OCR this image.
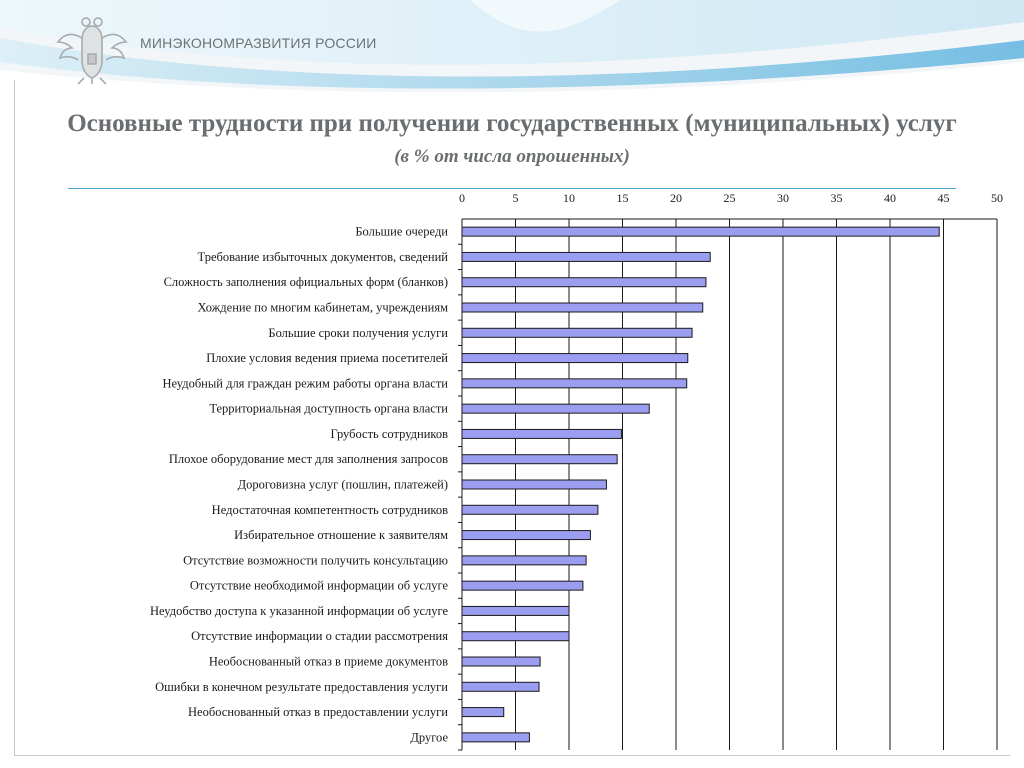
МИНЭКОНОМРАЗВИТИЯ РОССИИ
Основные трудности при получении государственных (муниципальных) услуг (в % от числа опрошенных)
0	5	10	15	20	25	30	35	40	45	50
Большие очереди
Требование избыточных документов, сведений
Сложность заполнения официальных форм (бланков)
Хождение по многим кабинетам, учреждениям
Большие сроки получения услуги
Плохие условия ведения приема посетителей
Неудобный для граждан режим работы органа власти
Территориальная доступность органа власти
Грубость сотрудников
Плохое оборудование мест для заполнения запросов
Дороговизна услуг (пошлин, платежей)
Недостаточная компетентность сотрудников
Избирательное отношение к заявителям
Отсутствие возможности получить консультацию
Отсутствие необходимой информации об услуге
Неудобство доступа к указанной информации об услуге
Отсутствие информации о стадии рассмотрения
Необоснованный отказ в приеме документов
Ошибки в конечном результате предоставления услуги
Необоснованный отказ в предоставлении услуги
Другое
